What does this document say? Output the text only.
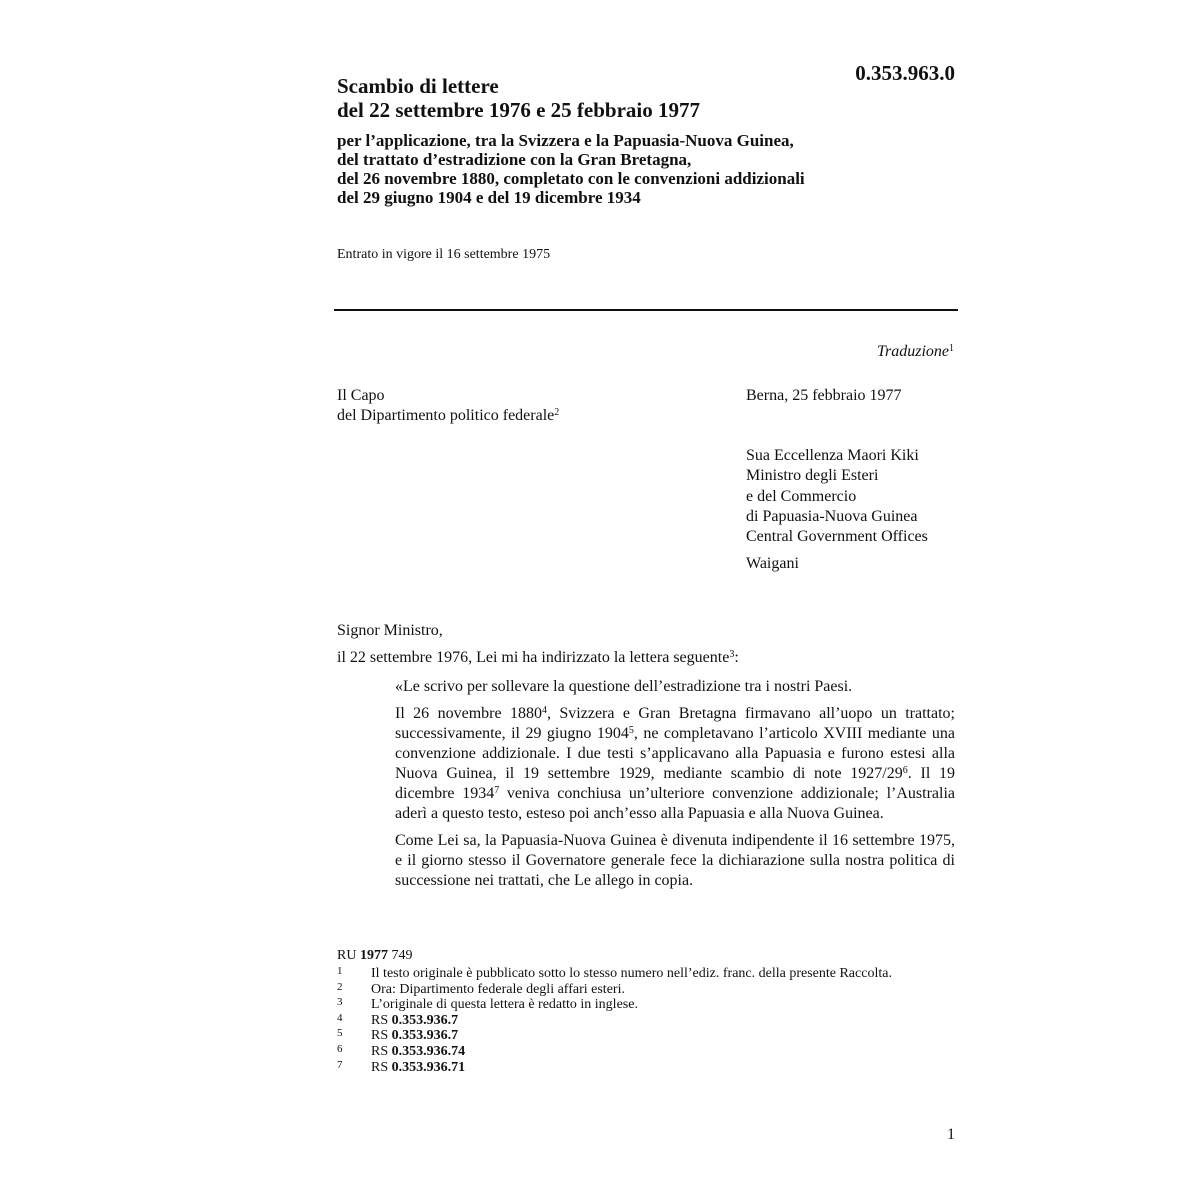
0.353.963.0
Scambio di lettere
del 22 settembre 1976 e 25 febbraio 1977
per l’applicazione, tra la Svizzera e la Papuasia-Nuova Guinea,
del trattato d’estradizione con la Gran Bretagna,
del 26 novembre 1880, completato con le convenzioni addizionali
del 29 giugno 1904 e del 19 dicembre 1934
Entrato in vigore il 16 settembre 1975
Traduzione$^1$
Il Capo
del Dipartimento politico federale$^2$
Berna, 25 febbraio 1977
Sua Eccellenza Maori Kiki
Ministro degli Esteri
e del Commercio
di Papuasia-Nuova Guinea
Central Government Offices
Waigani
Signor Ministro,
il 22 settembre 1976, Lei mi ha indirizzato la lettera seguente$^3$:

«Le scrivo per sollevare la questione dell’estradizione tra i nostri Paesi.

Il 26 novembre 1880$^4$, Svizzera e Gran Bretagna firmavano all’uopo un trattato; successivamente, il 29 giugno 1904$^5$, ne completavano l’articolo XVIII mediante una convenzione addizionale. I due testi s’applicavano alla Papuasia e furono estesi alla Nuova Guinea, il 19 settembre 1929, mediante scambio di note $1927/29^6$. Il 19 dicembre 1934$^7$ veniva conchiusa un’ulteriore convenzione addizionale; l’Australia aderì a questo testo, esteso poi anch’esso alla Papuasia e alla Nuova Guinea.

Come Lei sa, la Papuasia-Nuova Guinea è divenuta indipendente il 16 settembre 1975, e il giorno stesso il Governatore generale fece la dichiarazione sulla nostra politica di successione nei trattati, che Le allego in copia.

RU 1977 749
1 Il testo originale è pubblicato sotto lo stesso numero nell’ediz. franc. della presente Raccolta.
2 Ora: Dipartimento federale degli affari esteri.
3 L’originale di questa lettera è redatto in inglese.
4 RS 0.353.936.7
5 RS 0.353.936.7
6 RS 0.353.936.74
7 RS 0.353.936.71
1
